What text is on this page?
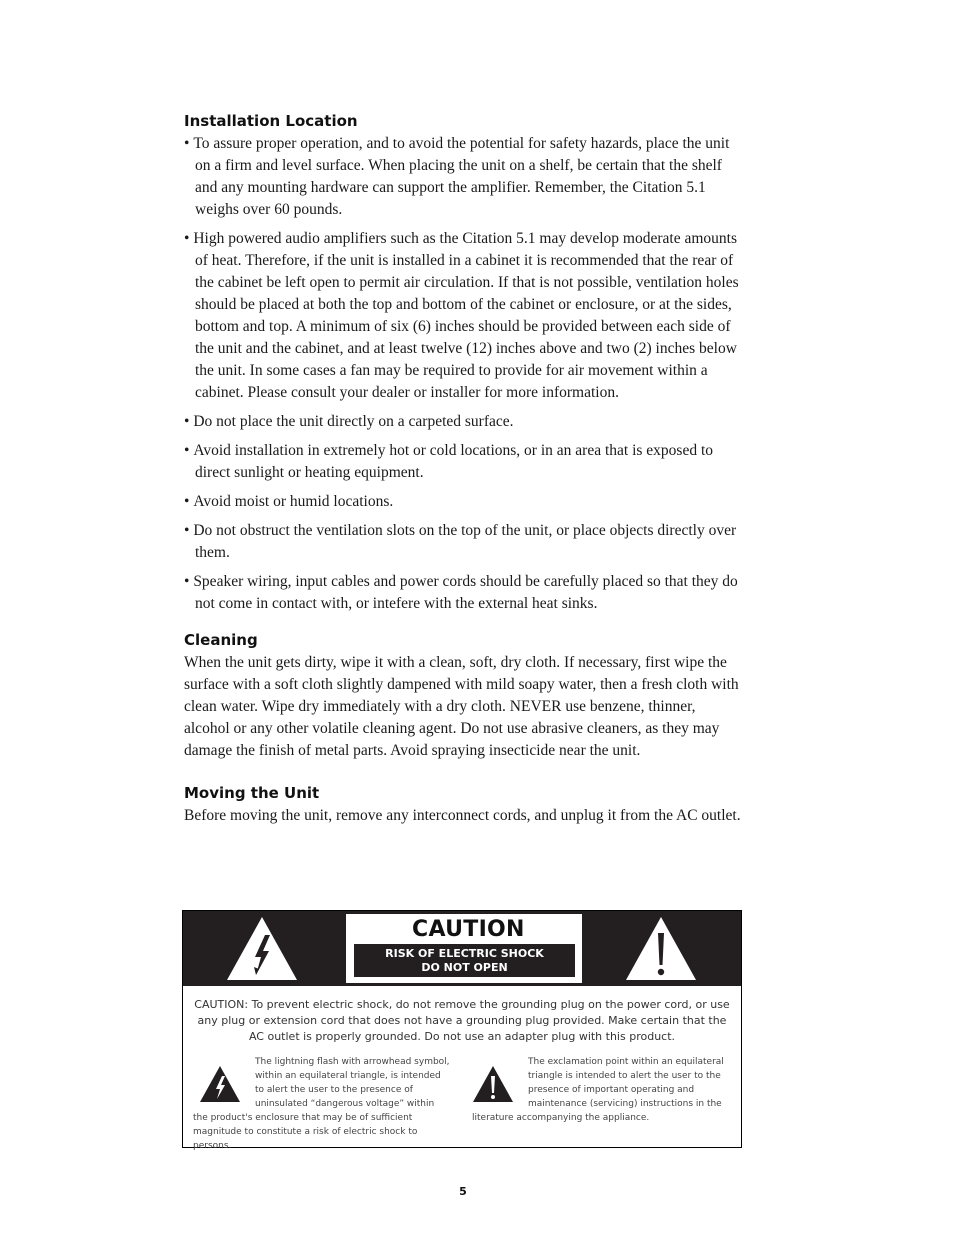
Installation Location
• To assure proper operation, and to avoid the potential for safety hazards, place the unit on a firm and level surface. When placing the unit on a shelf, be certain that the shelf and any mounting hardware can support the amplifier. Remember, the Citation 5.1 weighs over 60 pounds.
• High powered audio amplifiers such as the Citation 5.1 may develop moderate amounts of heat. Therefore, if the unit is installed in a cabinet it is recommended that the rear of the cabinet be left open to permit air circulation. If that is not possible, ventilation holes should be placed at both the top and bottom of the cabinet or enclosure, or at the sides, bottom and top. A minimum of six (6) inches should be provided between each side of the unit and the cabinet, and at least twelve (12) inches above and two (2) inches below the unit. In some cases a fan may be required to provide for air movement within a cabinet. Please consult your dealer or installer for more information.
• Do not place the unit directly on a carpeted surface.
• Avoid installation in extremely hot or cold locations, or in an area that is exposed to direct sunlight or heating equipment.
• Avoid moist or humid locations.
• Do not obstruct the ventilation slots on the top of the unit, or place objects directly over them.
• Speaker wiring, input cables and power cords should be carefully placed so that they do not come in contact with, or intefere with the external heat sinks.
Cleaning

When the unit gets dirty, wipe it with a clean, soft, dry cloth. If necessary, first wipe the surface with a soft cloth slightly dampened with mild soapy water, then a fresh cloth with clean water. Wipe dry immediately with a dry cloth. NEVER use benzene, thinner, alcohol or any other volatile cleaning agent. Do not use abrasive cleaners, as they may damage the finish of metal parts. Avoid spraying insecticide near the unit.

Moving the Unit

Before moving the unit, remove any interconnect cords, and unplug it from the AC outlet.

CAUTION
RISK OF ELECTRIC SHOCK
DO NOT OPEN
CAUTION: To prevent electric shock, do not remove the grounding plug on the power cord, or use any plug or extension cord that does not have a grounding plug provided. Make certain that the AC outlet is properly grounded. Do not use an adapter plug with this product.

The lightning flash with arrowhead symbol, within an equilateral triangle, is intended to alert the user to the presence of uninsulated “dangerous voltage” within the product's enclosure that may be of sufficient magnitude to constitute a risk of electric shock to persons.

The exclamation point within an equilateral triangle is intended to alert the user to the presence of important operating and maintenance (servicing) instructions in the literature accompanying the appliance.

5
